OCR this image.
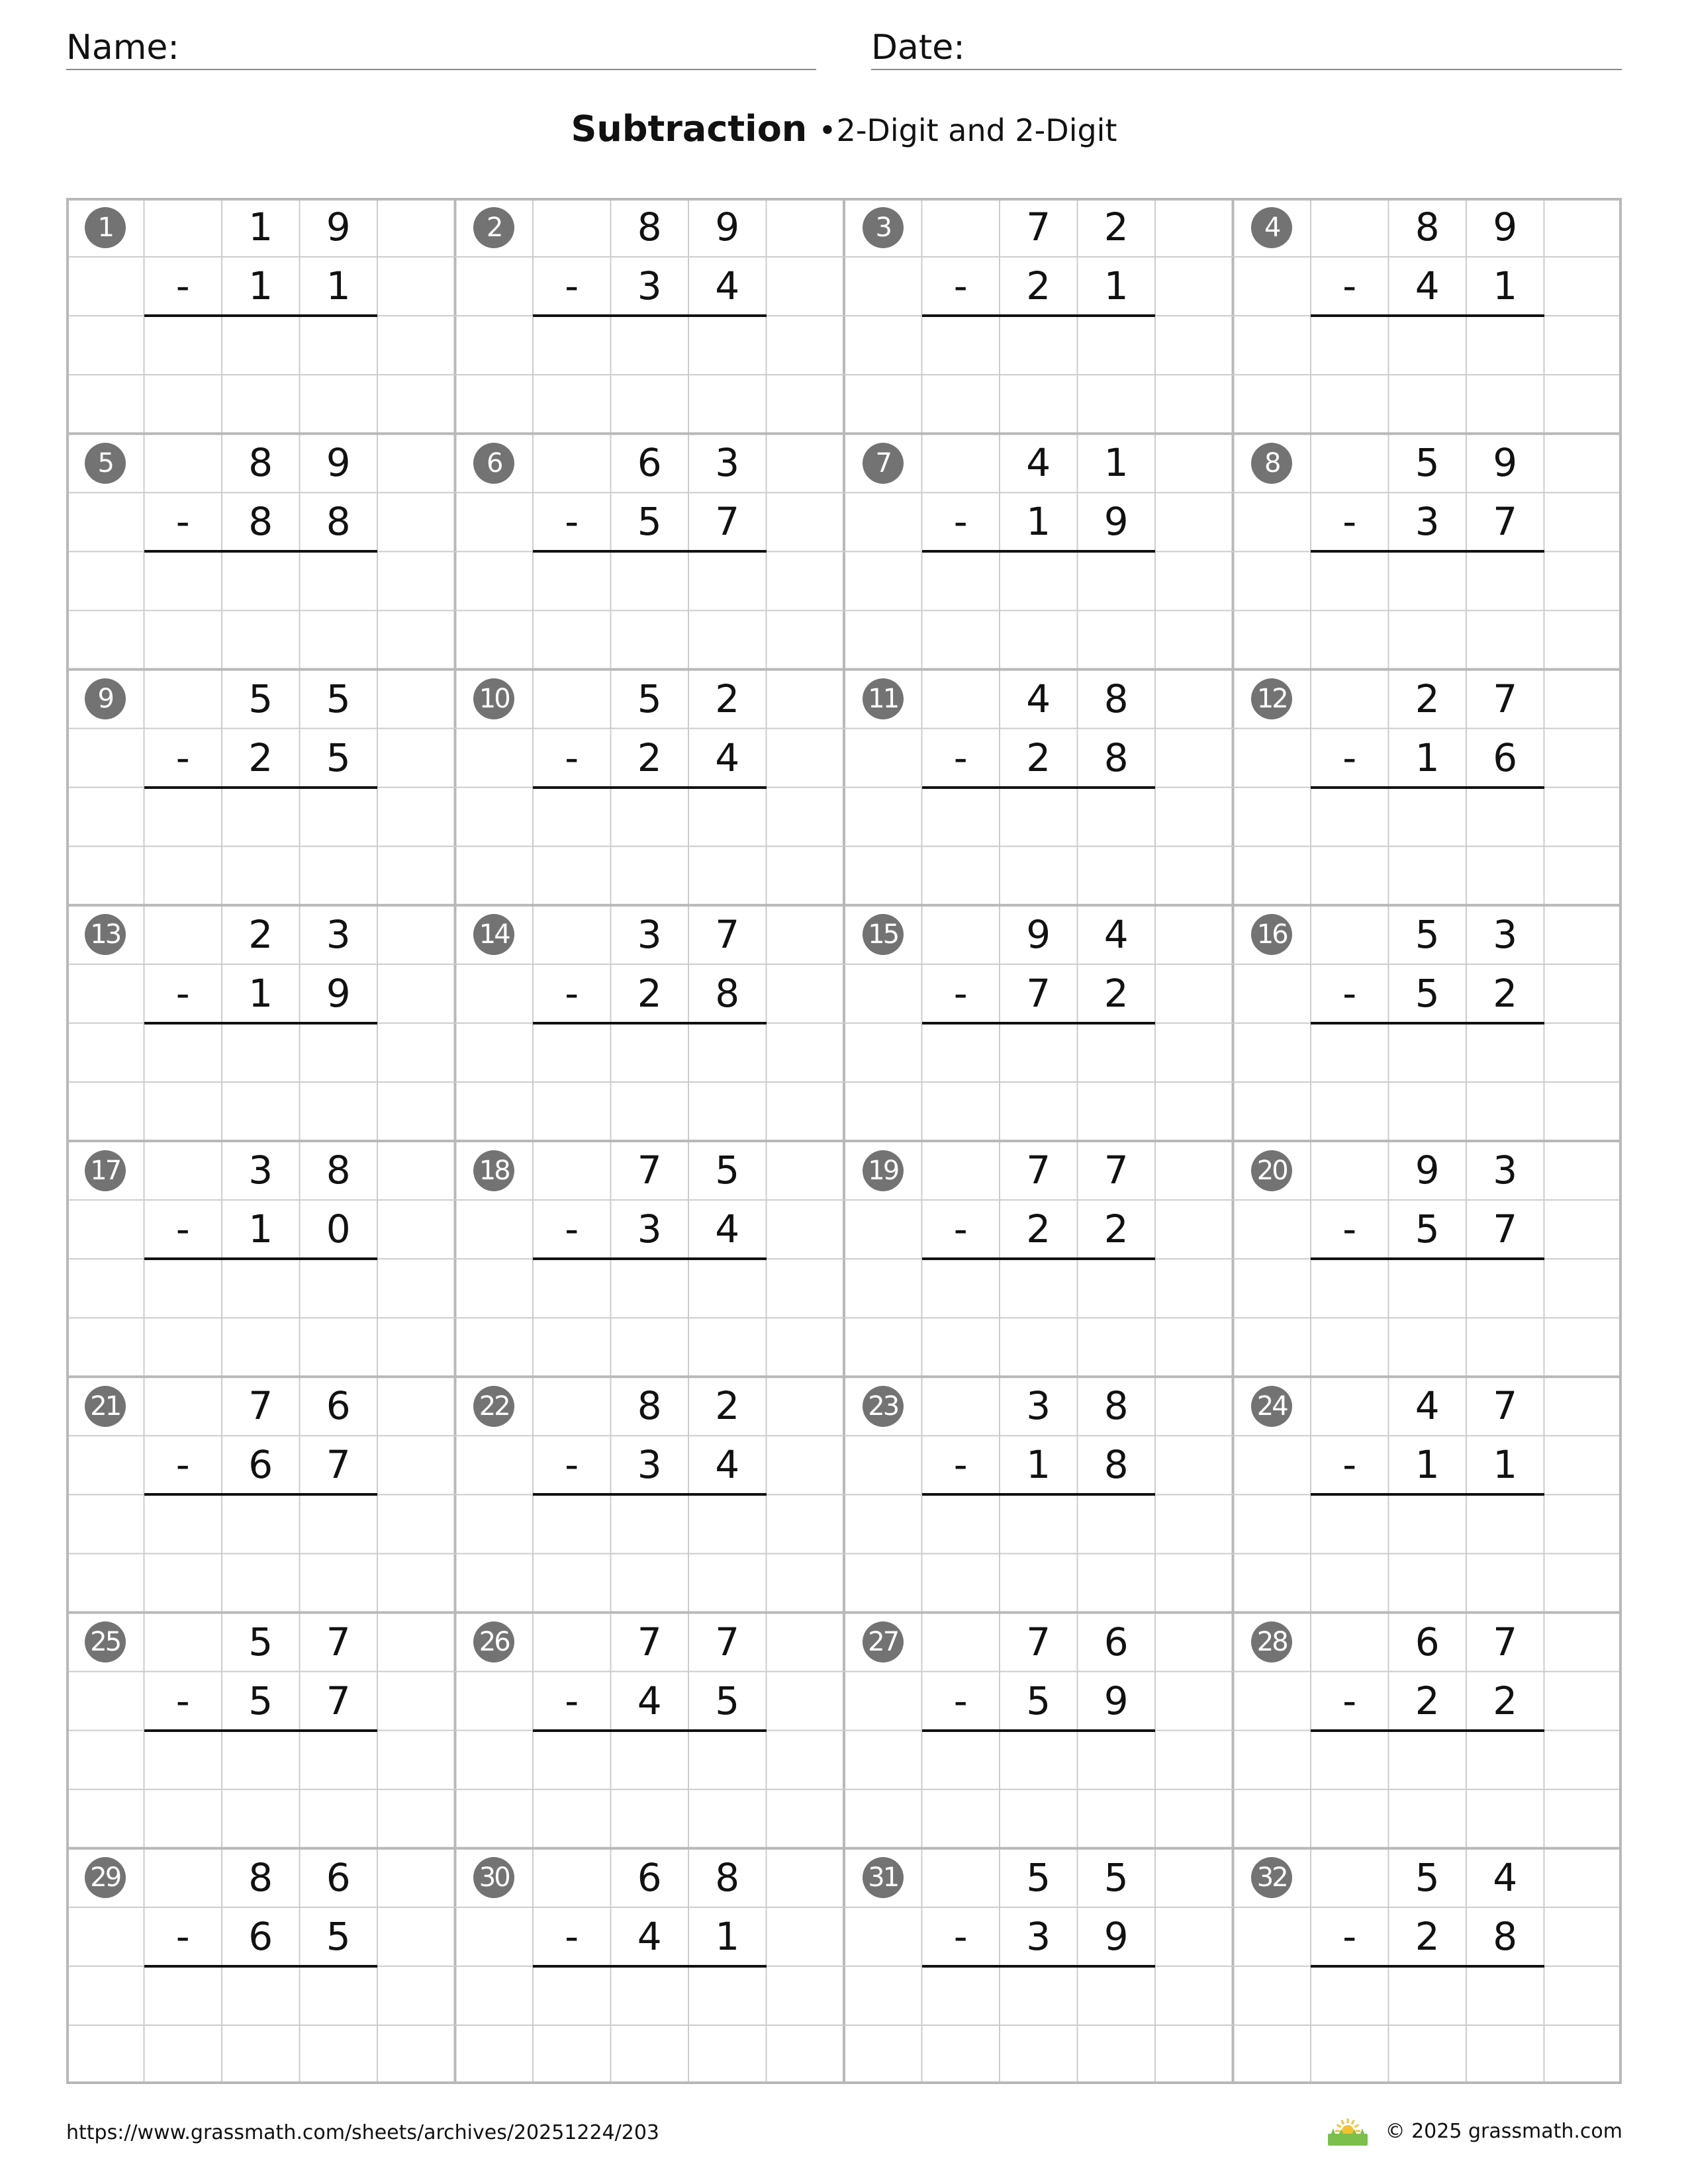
Name:	Date:
Subtraction •2-Digit and 2-Digit
1	1	9
-	1	1
2	8	9
-	3	4
3	7	2
-	2	1
4	8	9
-	4	1
5	8	9
-	8	8
6	6	3
-	5	7
7	4	1
-	1	9
8	5	9
-	3	7
9	5	5
-	2	5
10	5	2
-	2	4
11	4	8
-	2	8
12	2	7
-	1	6
13	2	3
-	1	9
14	3	7
-	2	8
15	9	4
-	7	2
16	5	3
-	5	2
17	3	8
-	1	0
18	7	5
-	3	4
19	7	7
-	2	2
20	9	3
-	5	7
21	7	6
-	6	7
22	8	2
-	3	4
23	3	8
-	1	8
24	4	7
-	1	1
25	5	7
-	5	7
26	7	7
-	4	5
27	7	6
-	5	9
28	6	7
-	2	2
29	8	6
-	6	5
30	6	8
-	4	1
31	5	5
-	3	9
32	5	4
-	2	8
https://www.grassmath.com/sheets/archives/20251224/203	© 2025 grassmath.com
